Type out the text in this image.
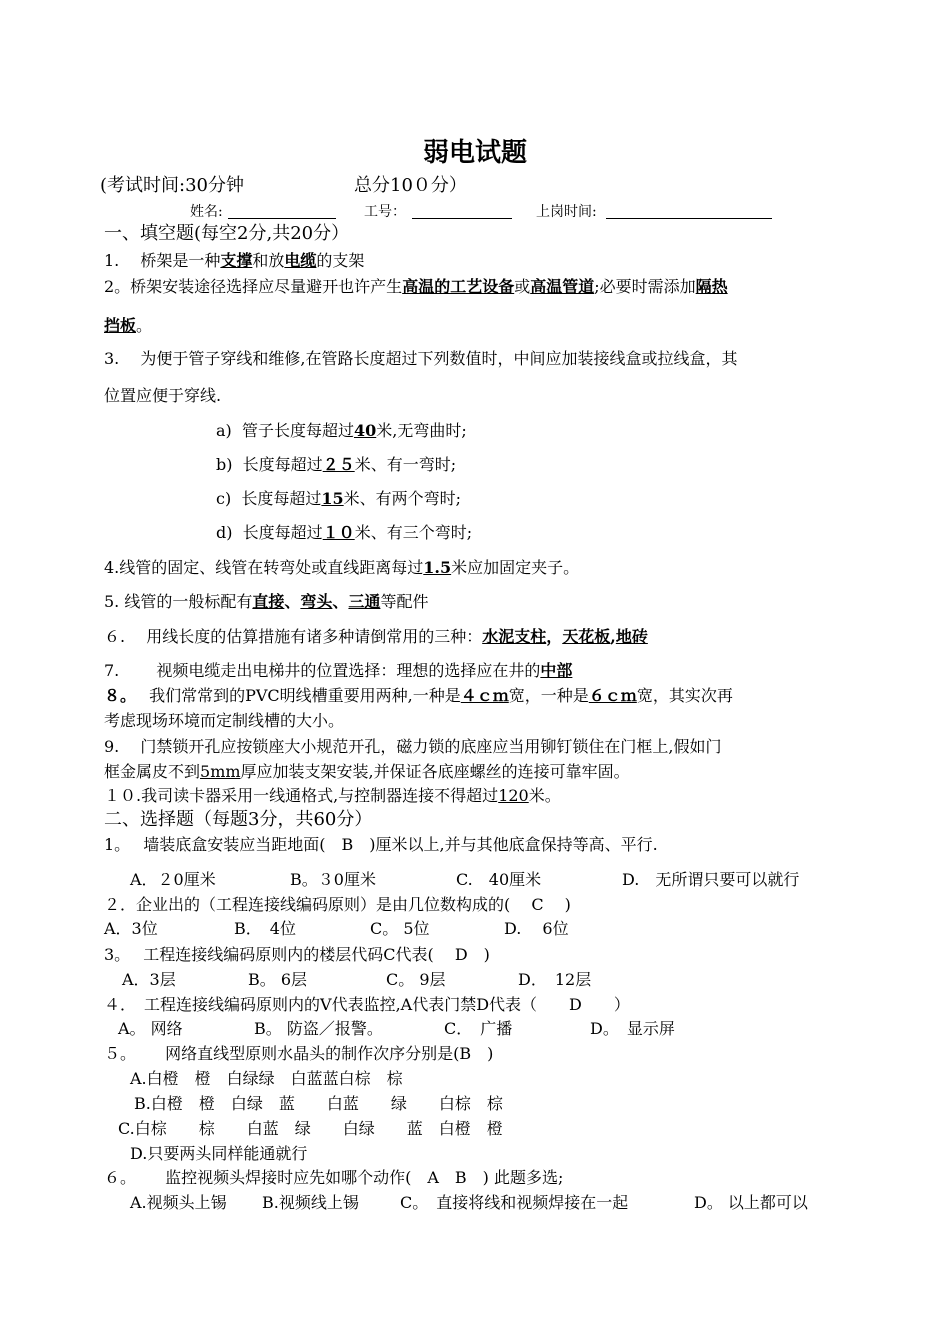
弱电试题
(考试时间:30分钟	总分10０分）
姓名:	工号：	上岗时间:
一、填空题(每空2分,共20分）
1.　 桥架是一种支撑和放电缆的支架
2。桥架安装途径选择应尽量避开也许产生高温的工艺设备或高温管道;必要时需添加隔热
挡板。
3.　 为便于管子穿线和维修,在管路长度超过下列数值时，中间应加装接线盒或拉线盒，其
位置应便于穿线.
a) 管子长度每超过40米,无弯曲时;
b) 长度每超过２５米、有一弯时;
c) 长度每超过15米、有两个弯时;
d) 长度每超过１０米、有三个弯时;
4.线管的固定、线管在转弯处或直线距离每过1.5米应加固定夹子。
5. 线管的一般标配有直接、弯头、三通等配件
６.　 用线长度的估算措施有诸多种请倒常用的三种：水泥支柱，天花板,地砖
7.　　 视频电缆走出电梯井的位置选择：理想的选择应在井的中部
８。　 我们常常到的PVC明线槽重要用两种,一种是４ｃｍ宽，一种是６ｃｍ宽，其实次再
考虑现场环境而定制线槽的大小。
9.　 门禁锁开孔应按锁座大小规范开孔，磁力锁的底座应当用铆钉锁住在门框上,假如门
框金属皮不到5mm厚应加装支架安装,并保证各底座螺丝的连接可靠牢固。
１０.我司读卡器采用一线通格式,与控制器连接不得超过120米。
二、选择题（每题3分，共60分）
1。　 墙装底盒安装应当距地面(　B　)厘米以上,并与其他底盒保持等高、平行.
A．２0厘米	B。３0厘米	C.　40厘米	D.　无所谓只要可以就行
２．企业出的（工程连接线编码原则）是由几位数构成的(　 C　 )
A．3位	B．　4位	C。 5位	D.　 6位
3。　 工程连接线编码原则内的楼层代码C代表(　 D　)
A．3层	B。 6层	C。 9层	D．　12层
４．　 工程连接线编码原则内的V代表监控,A代表门禁D代表（　　D　　）
A。 网络	B。 防盗／报警。	C．　广播	D。　显示屏
５。　　 网络直线型原则水晶头的制作次序分别是(B　)
A.白橙　橙　白绿绿　白蓝蓝白棕　棕
B.白橙　橙　白绿　蓝　　白蓝　　绿　　白棕　棕
C.白棕　　棕　　白蓝　绿　　白绿　　蓝　白橙　橙
D.只要两头同样能通就行
６。　　 监控视频头焊接时应先如哪个动作(　A　B　) 此题多选;
A.视频头上锡 B.视频线上锡	C。　直接将线和视频焊接在一起	D。 以上都可以
